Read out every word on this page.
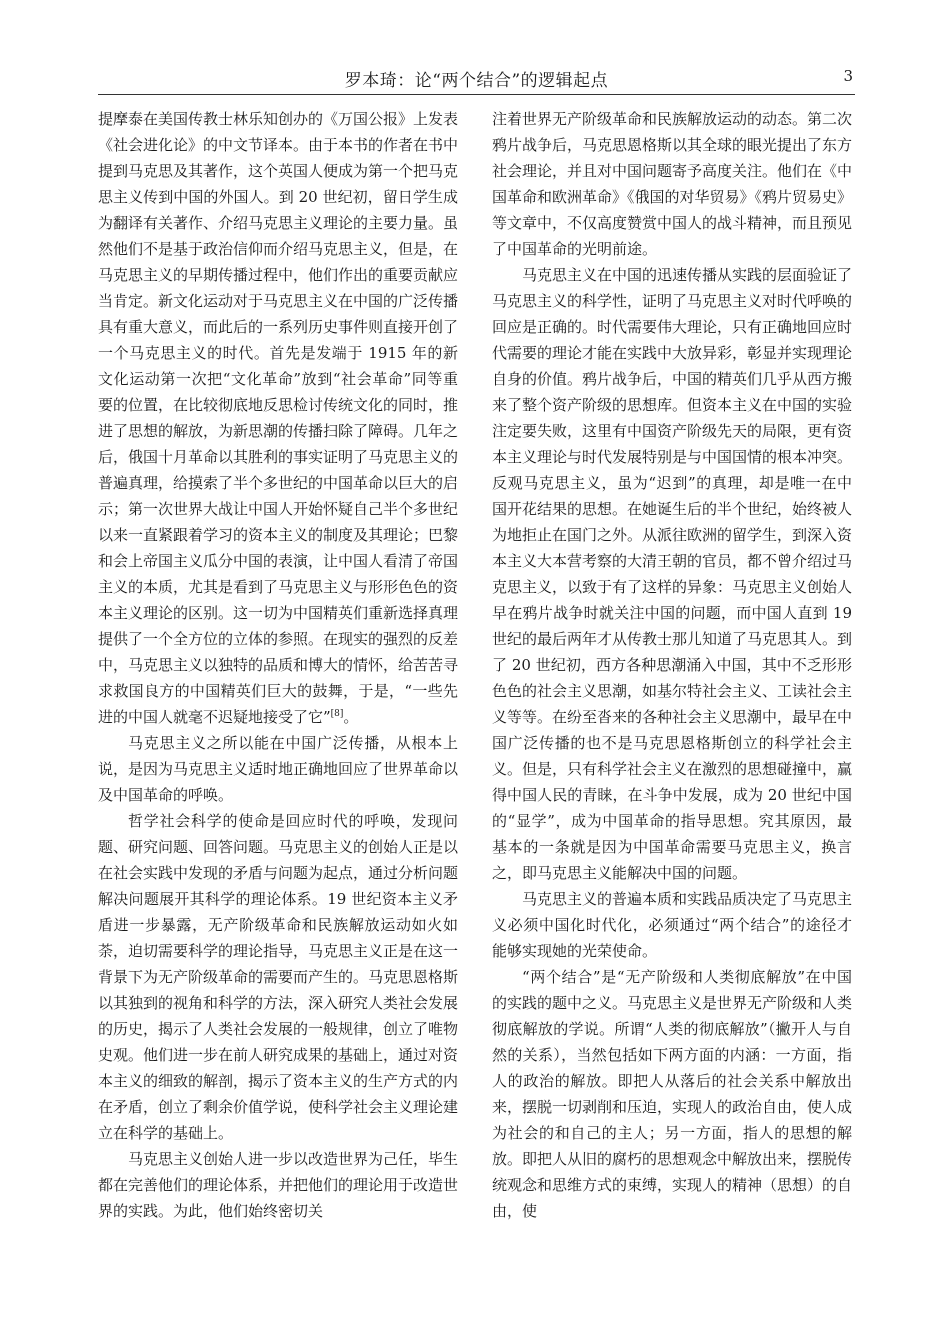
罗本琦：论“两个结合”的逻辑起点	3

提摩泰在美国传教士林乐知创办的《万国公报》上发表《社会进化论》的中文节译本。由于本书的作者在书中提到马克思及其著作，这个英国人便成为第一个把马克思主义传到中国的外国人。到 20 世纪初，留日学生成为翻译有关著作、介绍马克思主义理论的主要力量。虽然他们不是基于政治信仰而介绍马克思主义，但是，在马克思主义的早期传播过程中，他们作出的重要贡献应当肯定。新文化运动对于马克思主义在中国的广泛传播具有重大意义，而此后的一系列历史事件则直接开创了一个马克思主义的时代。首先是发端于 1915 年的新文化运动第一次把“文化革命”放到“社会革命”同等重要的位置，在比较彻底地反思检讨传统文化的同时，推进了思想的解放，为新思潮的传播扫除了障碍。几年之后，俄国十月革命以其胜利的事实证明了马克思主义的普遍真理，给摸索了半个多世纪的中国革命以巨大的启示；第一次世界大战让中国人开始怀疑自己半个多世纪以来一直紧跟着学习的资本主义的制度及其理论；巴黎和会上帝国主义瓜分中国的表演，让中国人看清了帝国主义的本质，尤其是看到了马克思主义与形形色色的资本主义理论的区别。这一切为中国精英们重新选择真理提供了一个全方位的立体的参照。在现实的强烈的反差中，马克思主义以独特的品质和博大的情怀，给苦苦寻求救国良方的中国精英们巨大的鼓舞，于是，“一些先进的中国人就毫不迟疑地接受了它”[8]。

马克思主义之所以能在中国广泛传播，从根本上说，是因为马克思主义适时地正确地回应了世界革命以及中国革命的呼唤。

哲学社会科学的使命是回应时代的呼唤，发现问题、研究问题、回答问题。马克思主义的创始人正是以在社会实践中发现的矛盾与问题为起点，通过分析问题解决问题展开其科学的理论体系。19 世纪资本主义矛盾进一步暴露，无产阶级革命和民族解放运动如火如荼，迫切需要科学的理论指导，马克思主义正是在这一背景下为无产阶级革命的需要而产生的。马克思恩格斯以其独到的视角和科学的方法，深入研究人类社会发展的历史，揭示了人类社会发展的一般规律，创立了唯物史观。他们进一步在前人研究成果的基础上，通过对资本主义的细致的解剖，揭示了资本主义的生产方式的内在矛盾，创立了剩余价值学说，使科学社会主义理论建立在科学的基础上。

马克思主义创始人进一步以改造世界为己任，毕生都在完善他们的理论体系，并把他们的理论用于改造世界的实践。为此，他们始终密切关

注着世界无产阶级革命和民族解放运动的动态。第二次鸦片战争后，马克思恩格斯以其全球的眼光提出了东方社会理论，并且对中国问题寄予高度关注。他们在《中国革命和欧洲革命》《俄国的对华贸易》《鸦片贸易史》等文章中，不仅高度赞赏中国人的战斗精神，而且预见了中国革命的光明前途。

马克思主义在中国的迅速传播从实践的层面验证了马克思主义的科学性，证明了马克思主义对时代呼唤的回应是正确的。时代需要伟大理论，只有正确地回应时代需要的理论才能在实践中大放异彩，彰显并实现理论自身的价值。鸦片战争后，中国的精英们几乎从西方搬来了整个资产阶级的思想库。但资本主义在中国的实验注定要失败，这里有中国资产阶级先天的局限，更有资本主义理论与时代发展特别是与中国国情的根本冲突。反观马克思主义，虽为“迟到”的真理，却是唯一在中国开花结果的思想。在她诞生后的半个世纪，始终被人为地拒止在国门之外。从派往欧洲的留学生，到深入资本主义大本营考察的大清王朝的官员，都不曾介绍过马克思主义，以致于有了这样的异象：马克思主义创始人早在鸦片战争时就关注中国的问题，而中国人直到 19 世纪的最后两年才从传教士那儿知道了马克思其人。到了 20 世纪初，西方各种思潮涌入中国，其中不乏形形色色的社会主义思潮，如基尔特社会主义、工读社会主义等等。在纷至沓来的各种社会主义思潮中，最早在中国广泛传播的也不是马克思恩格斯创立的科学社会主义。但是，只有科学社会主义在激烈的思想碰撞中，赢得中国人民的青睐，在斗争中发展，成为 20 世纪中国的“显学”，成为中国革命的指导思想。究其原因，最基本的一条就是因为中国革命需要马克思主义，换言之，即马克思主义能解决中国的问题。

马克思主义的普遍本质和实践品质决定了马克思主义必须中国化时代化，必须通过“两个结合”的途径才能够实现她的光荣使命。

“两个结合”是“无产阶级和人类彻底解放”在中国的实践的题中之义。马克思主义是世界无产阶级和人类彻底解放的学说。所谓“人类的彻底解放”（撇开人与自然的关系），当然包括如下两方面的内涵：一方面，指人的政治的解放。即把人从落后的社会关系中解放出来，摆脱一切剥削和压迫，实现人的政治自由，使人成为社会的和自己的主人；另一方面，指人的思想的解放。即把人从旧的腐朽的思想观念中解放出来，摆脱传统观念和思维方式的束缚，实现人的精神（思想）的自由，使
